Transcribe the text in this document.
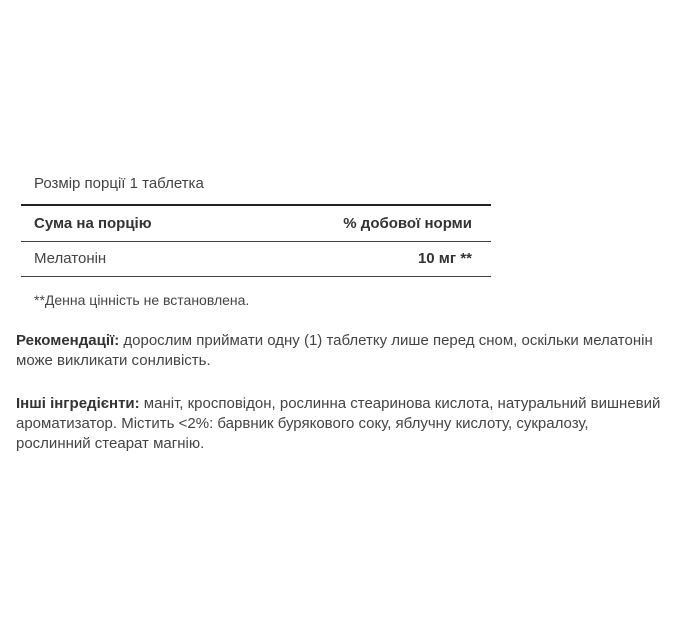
Розмір порції 1 таблетка
Сума на порцію	% добової норми
Мелатонін	10 мг **
**Денна цінність не встановлена.
Рекомендації: дорослим приймати одну (1) таблетку лише перед сном, оскільки мелатонін може викликати сонливість.
Інші інгредієнти: маніт, кросповідон, рослинна стеаринова кислота, натуральний вишневий ароматизатор. Містить <2%: барвник бурякового соку, яблучну кислоту, сукралозу, рослинний стеарат магнію.
